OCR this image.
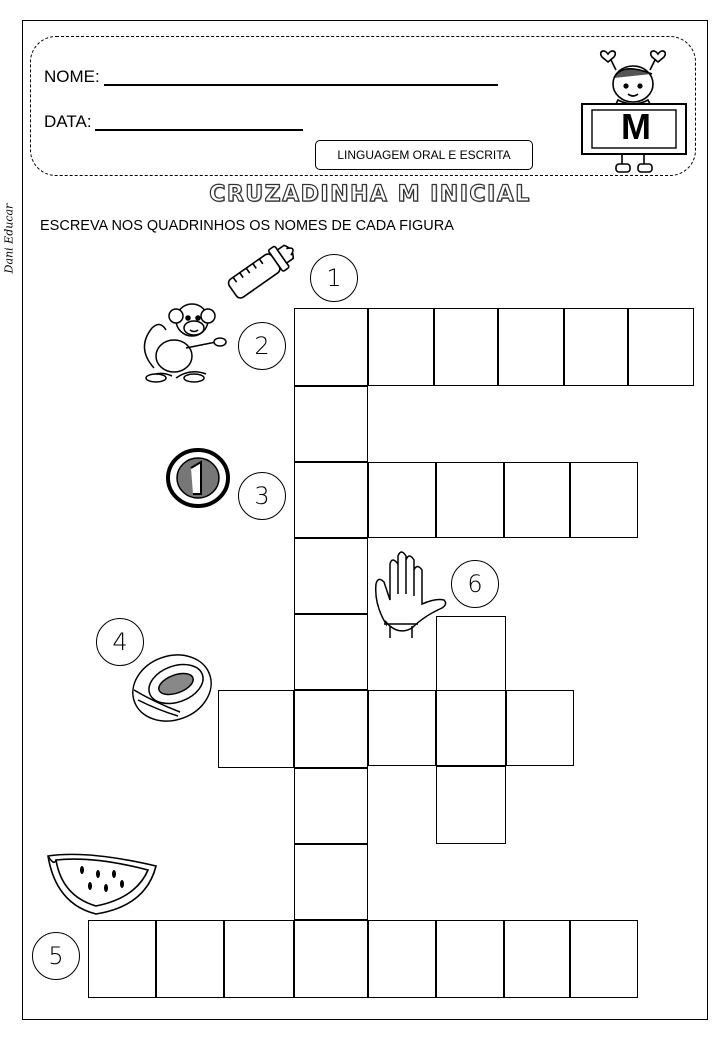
NOME:
DATA:
LINGUAGEM ORAL E ESCRITA
M
Dani Educar
CRUZADINHA M INICIAL
ESCREVA NOS QUADRINHOS OS NOMES DE CADA FIGURA
1
2
3
4
5
6
